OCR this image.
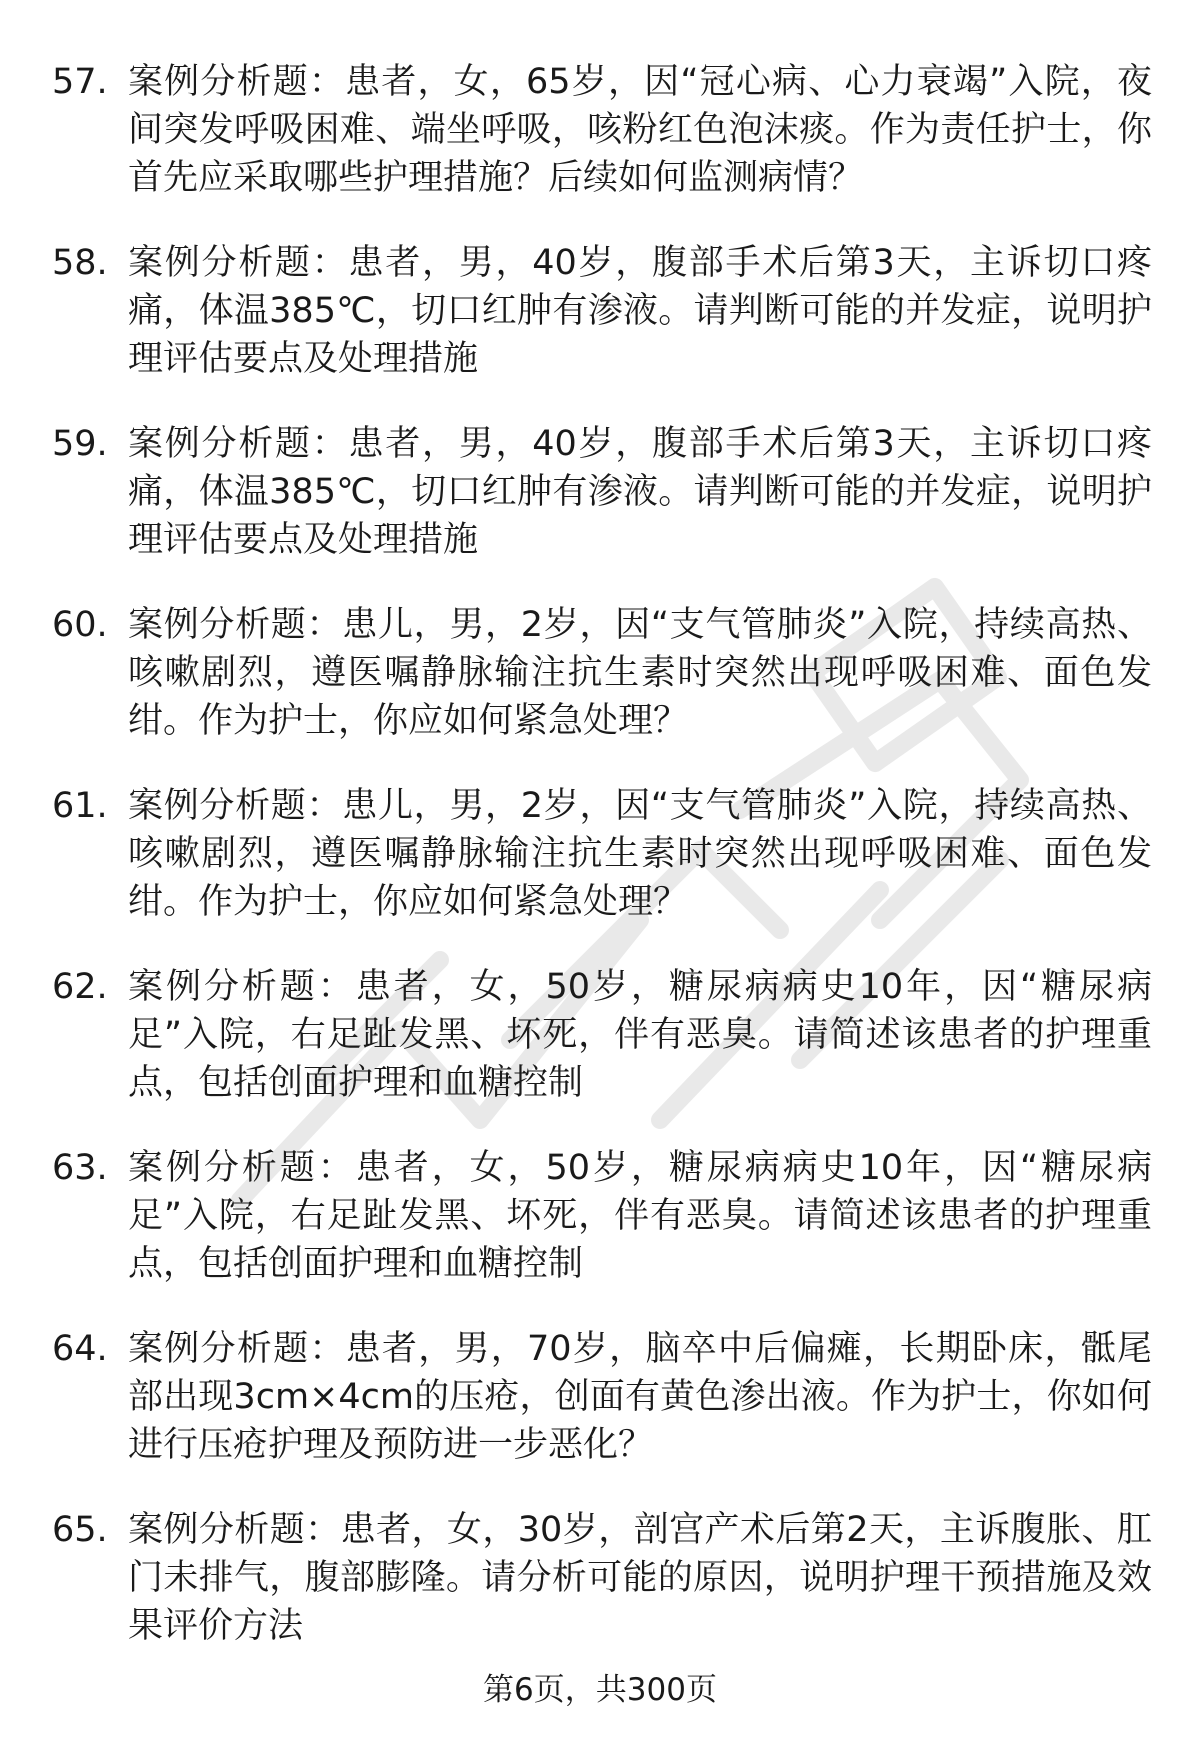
57. 案例分析题：患者，女，65岁，因“冠心病、心力衰竭”入院，夜间突发呼吸困难、端坐呼吸，咳粉红色泡沫痰。作为责任护士，你首先应采取哪些护理措施？后续如何监测病情？
58. 案例分析题：患者，男，40岁，腹部手术后第3天，主诉切口疼痛，体温385℃，切口红肿有渗液。请判断可能的并发症，说明护理评估要点及处理措施
59. 案例分析题：患者，男，40岁，腹部手术后第3天，主诉切口疼痛，体温385℃，切口红肿有渗液。请判断可能的并发症，说明护理评估要点及处理措施
60. 案例分析题：患儿，男，2岁，因“支气管肺炎”入院，持续高热、咳嗽剧烈，遵医嘱静脉输注抗生素时突然出现呼吸困难、面色发绀。作为护士，你应如何紧急处理？
61. 案例分析题：患儿，男，2岁，因“支气管肺炎”入院，持续高热、咳嗽剧烈，遵医嘱静脉输注抗生素时突然出现呼吸困难、面色发绀。作为护士，你应如何紧急处理？
62. 案例分析题：患者，女，50岁，糖尿病病史10年，因“糖尿病足”入院，右足趾发黑、坏死，伴有恶臭。请简述该患者的护理重点，包括创面护理和血糖控制
63. 案例分析题：患者，女，50岁，糖尿病病史10年，因“糖尿病足”入院，右足趾发黑、坏死，伴有恶臭。请简述该患者的护理重点，包括创面护理和血糖控制
64. 案例分析题：患者，男，70岁，脑卒中后偏瘫，长期卧床，骶尾部出现3cm×4cm的压疮，创面有黄色渗出液。作为护士，你如何进行压疮护理及预防进一步恶化？
65. 案例分析题：患者，女，30岁，剖宫产术后第2天，主诉腹胀、肛门未排气，腹部膨隆。请分析可能的原因，说明护理干预措施及效果评价方法
第6页，共300页
